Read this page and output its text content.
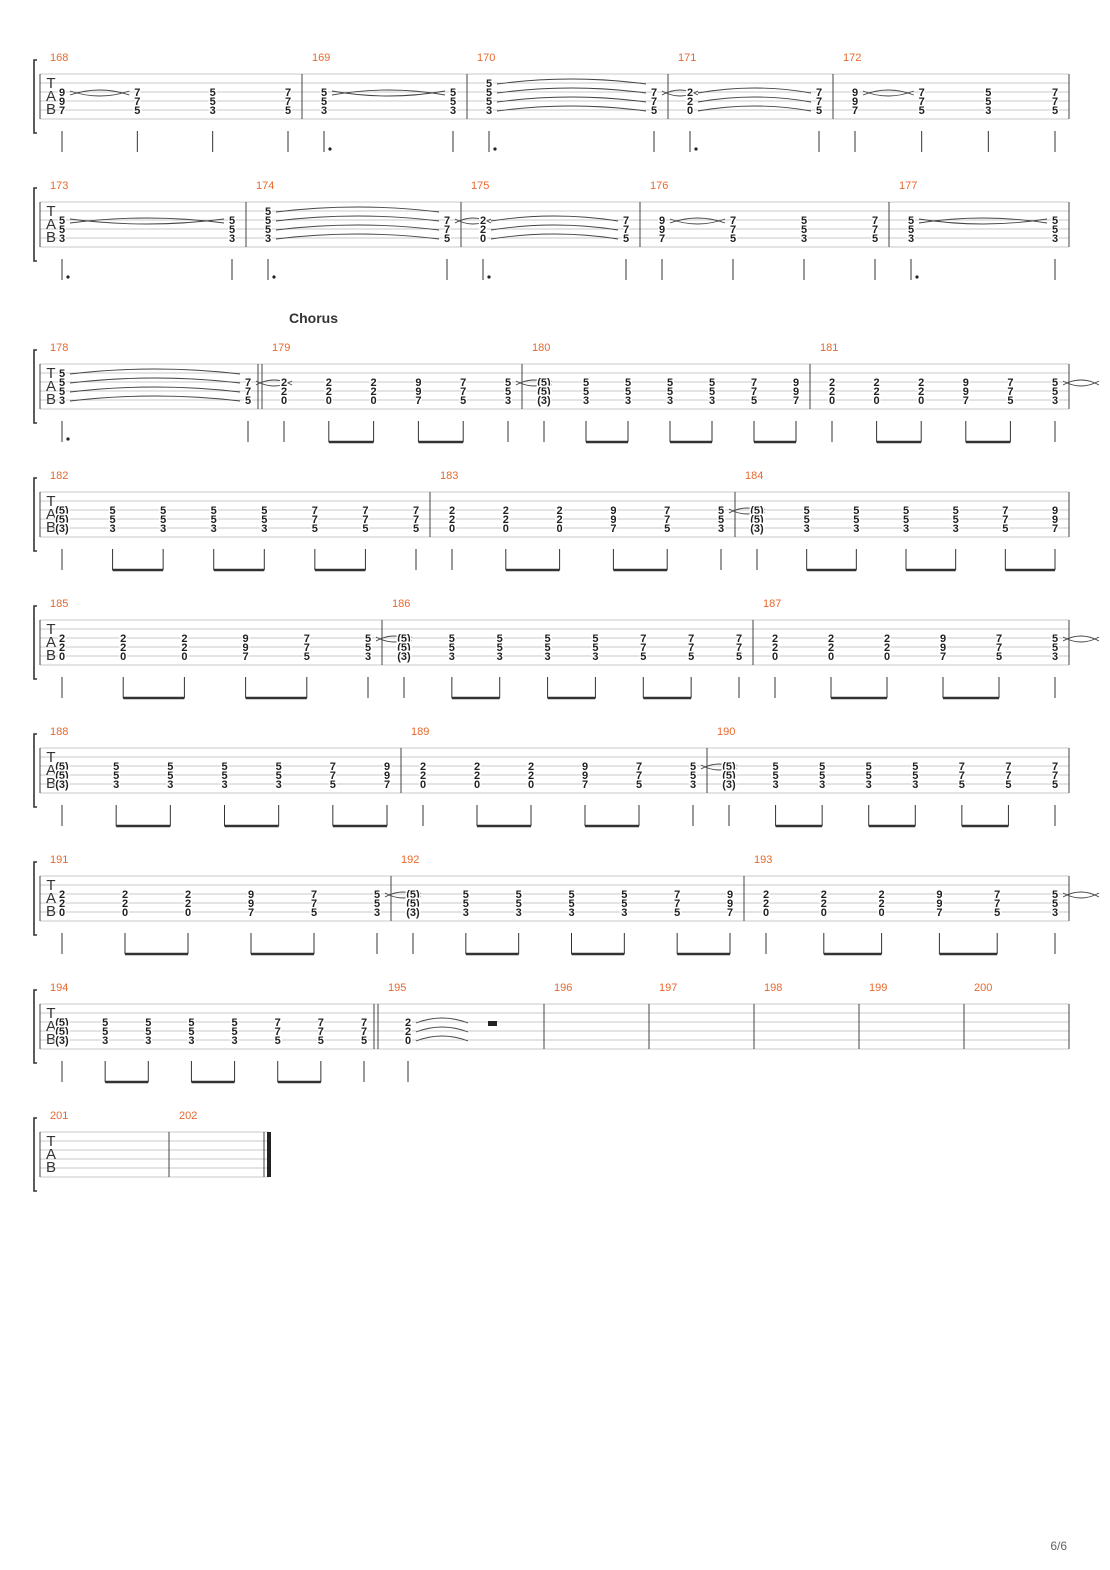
T
A
B
168
9
9
7
7
7
5
5
5
3
7
7
5
169
5
5
3
5
5
3
170
5
5
5
3
7
7
5
171
2
2
0
7
7
5
172
9
9
7
7
7
5
5
5
3
7
7
5
T
A
B
173
5
5
3
5
5
3
174
5
5
5
3
7
7
5
175
2
2
0
7
7
5
176
9
9
7
7
7
5
5
5
3
7
7
5
177
5
5
3
5
5
3
T
A
B
178
5
5
5
3
7
7
5
179
2
2
0
2
2
0
2
2
0
9
9
7
7
7
5
5
5
3
180
(5)
(5)
(3)
5
5
3
5
5
3
5
5
3
5
5
3
7
7
5
9
9
7
181
2
2
0
2
2
0
2
2
0
9
9
7
7
7
5
5
5
3
T
A
B
182
(5)
(5)
(3)
5
5
3
5
5
3
5
5
3
5
5
3
7
7
5
7
7
5
7
7
5
183
2
2
0
2
2
0
2
2
0
9
9
7
7
7
5
5
5
3
184
(5)
(5)
(3)
5
5
3
5
5
3
5
5
3
5
5
3
7
7
5
9
9
7
T
A
B
185
2
2
0
2
2
0
2
2
0
9
9
7
7
7
5
5
5
3
186
(5)
(5)
(3)
5
5
3
5
5
3
5
5
3
5
5
3
7
7
5
7
7
5
7
7
5
187
2
2
0
2
2
0
2
2
0
9
9
7
7
7
5
5
5
3
T
A
B
188
(5)
(5)
(3)
5
5
3
5
5
3
5
5
3
5
5
3
7
7
5
9
9
7
189
2
2
0
2
2
0
2
2
0
9
9
7
7
7
5
5
5
3
190
(5)
(5)
(3)
5
5
3
5
5
3
5
5
3
5
5
3
7
7
5
7
7
5
7
7
5
T
A
B
191
2
2
0
2
2
0
2
2
0
9
9
7
7
7
5
5
5
3
192
(5)
(5)
(3)
5
5
3
5
5
3
5
5
3
5
5
3
7
7
5
9
9
7
193
2
2
0
2
2
0
2
2
0
9
9
7
7
7
5
5
5
3
T
A
B
194
(5)
(5)
(3)
5
5
3
5
5
3
5
5
3
5
5
3
7
7
5
7
7
5
7
7
5
195
2
2
0
196	197	198	199	200
T
A
B
201	202
Chorus
6/6
